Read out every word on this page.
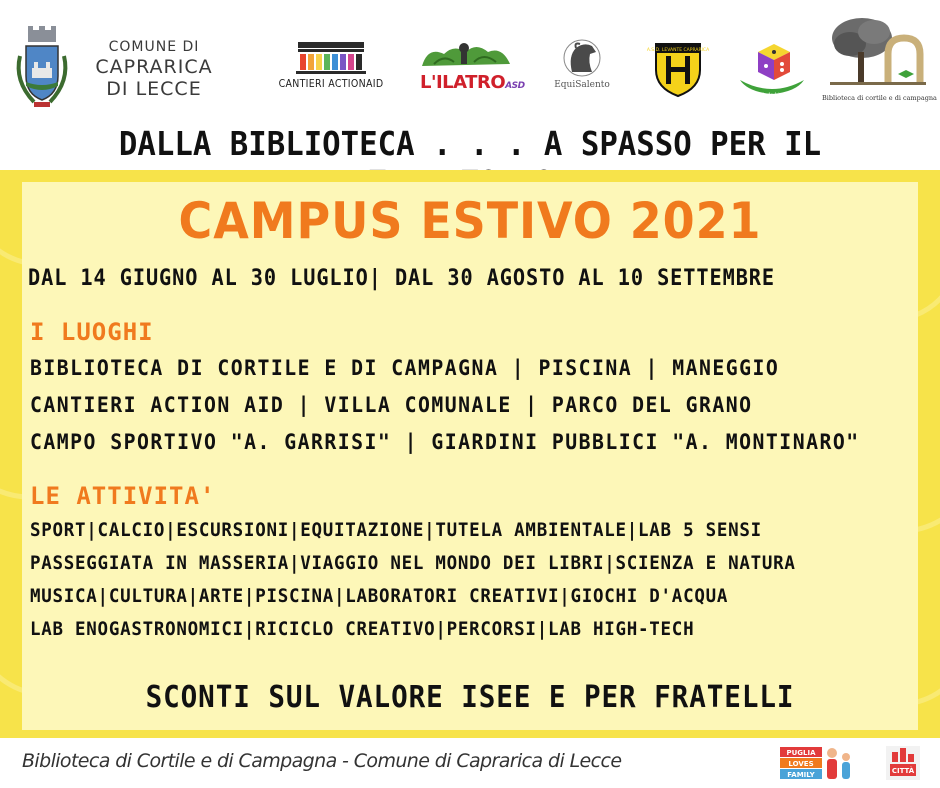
COMUNE DI
CAPRARICA
DI LECCE	CANTIERI ACTIONAID	L'ILATROASD	EquiSalento
A.S.D. LEVANTE CAPRARICA
Il dado birbo	Biblioteca di cortile e di campagna
DALLA BIBLIOTECA . . . A SPASSO PER IL
CAMPUS ESTIVO 2021
DAL 14 GIUGNO AL 30 LUGLIO| DAL 30 AGOSTO AL 10 SETTEMBRE
I LUOGHI
BIBLIOTECA DI CORTILE E DI CAMPAGNA | PISCINA | MANEGGIO
CANTIERI ACTION AID | VILLA COMUNALE | PARCO DEL GRANO
CAMPO SPORTIVO "A. GARRISI" | GIARDINI PUBBLICI "A. MONTINARO"
LE ATTIVITA'
SPORT|CALCIO|ESCURSIONI|EQUITAZIONE|TUTELA AMBIENTALE|LAB 5 SENSI
PASSEGGIATA IN MASSERIA|VIAGGIO NEL MONDO DEI LIBRI|SCIENZA E NATURA
MUSICA|CULTURA|ARTE|PISCINA|LABORATORI CREATIVI|GIOCHI D'ACQUA
LAB ENOGASTRONOMICI|RICICLO CREATIVO|PERCORSI|LAB HIGH-TECH
SCONTI SUL VALORE ISEE E PER FRATELLI
Biblioteca di Cortile e di Campagna - Comune di Caprarica di Lecce	PUGLIA
LOVES
FAMILY	CITTÀ
